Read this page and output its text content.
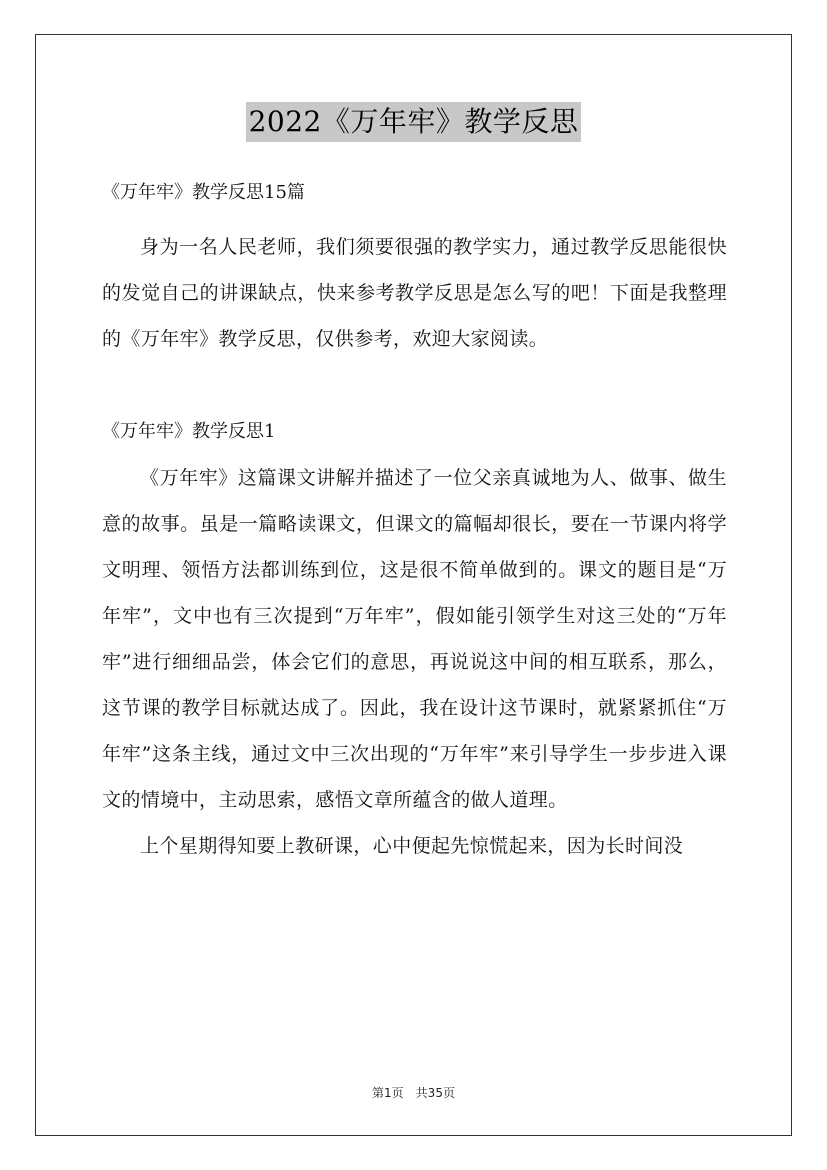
2022《万年牢》教学反思

《万年牢》教学反思15篇

身为一名人民老师，我们须要很强的教学实力，通过教学反思能很快的发觉自己的讲课缺点，快来参考教学反思是怎么写的吧！下面是我整理的《万年牢》教学反思，仅供参考，欢迎大家阅读。

《万年牢》教学反思1

《万年牢》这篇课文讲解并描述了一位父亲真诚地为人、做事、做生意的故事。虽是一篇略读课文，但课文的篇幅却很长，要在一节课内将学文明理、领悟方法都训练到位，这是很不简单做到的。课文的题目是“万年牢”，文中也有三次提到“万年牢”，假如能引领学生对这三处的“万年牢”进行细细品尝，体会它们的意思，再说说这中间的相互联系，那么，这节课的教学目标就达成了。因此，我在设计这节课时，就紧紧抓住“万年牢”这条主线，通过文中三次出现的“万年牢”来引导学生一步步进入课文的情境中，主动思索，感悟文章所蕴含的做人道理。

上个星期得知要上教研课，心中便起先惊慌起来，因为长时间没

第1页　共35页
